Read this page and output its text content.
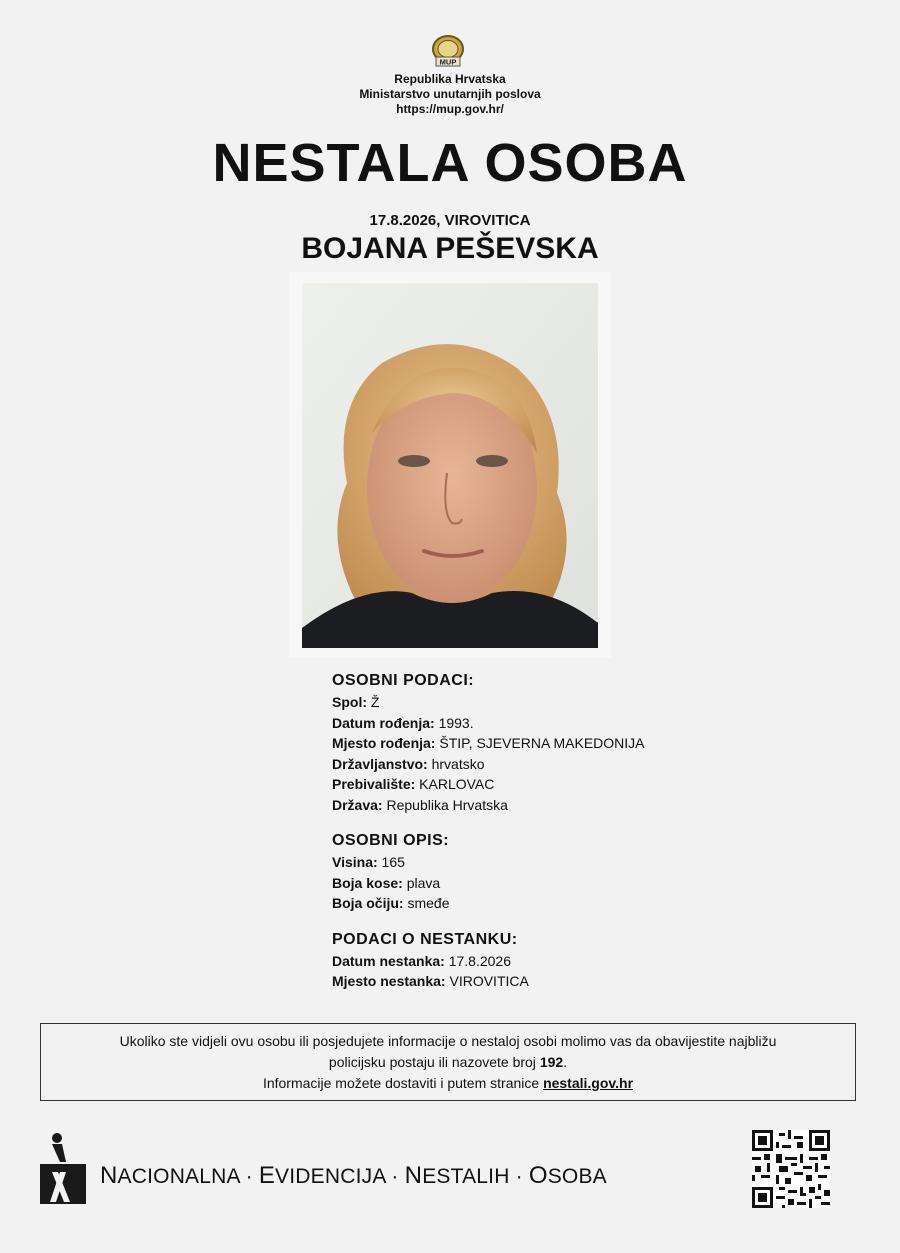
MUP
Republika Hrvatska
Ministarstvo unutarnjih poslova
https://mup.gov.hr/
NESTALA OSOBA
17.8.2026, VIROVITICA
BOJANA PEŠEVSKA
OSOBNI PODACI:
Spol: Ž
Datum rođenja: 1993.
Mjesto rođenja: ŠTIP, SJEVERNA MAKEDONIJA
Državljanstvo: hrvatsko
Prebivalište: KARLOVAC
Država: Republika Hrvatska
OSOBNI OPIS:
Visina: 165
Boja kose: plava
Boja očiju: smeđe
PODACI O NESTANKU:
Datum nestanka: 17.8.2026
Mjesto nestanka: VIROVITICA
Ukoliko ste vidjeli ovu osobu ili posjedujete informacije o nestaloj osobi molimo vas da obavijestite najbližu
policijsku postaju ili nazovete broj 192.
Informacije možete dostaviti i putem stranice nestali.gov.hr
NACIONALNA · EVIDENCIJA · NESTALIH · OSOBA
